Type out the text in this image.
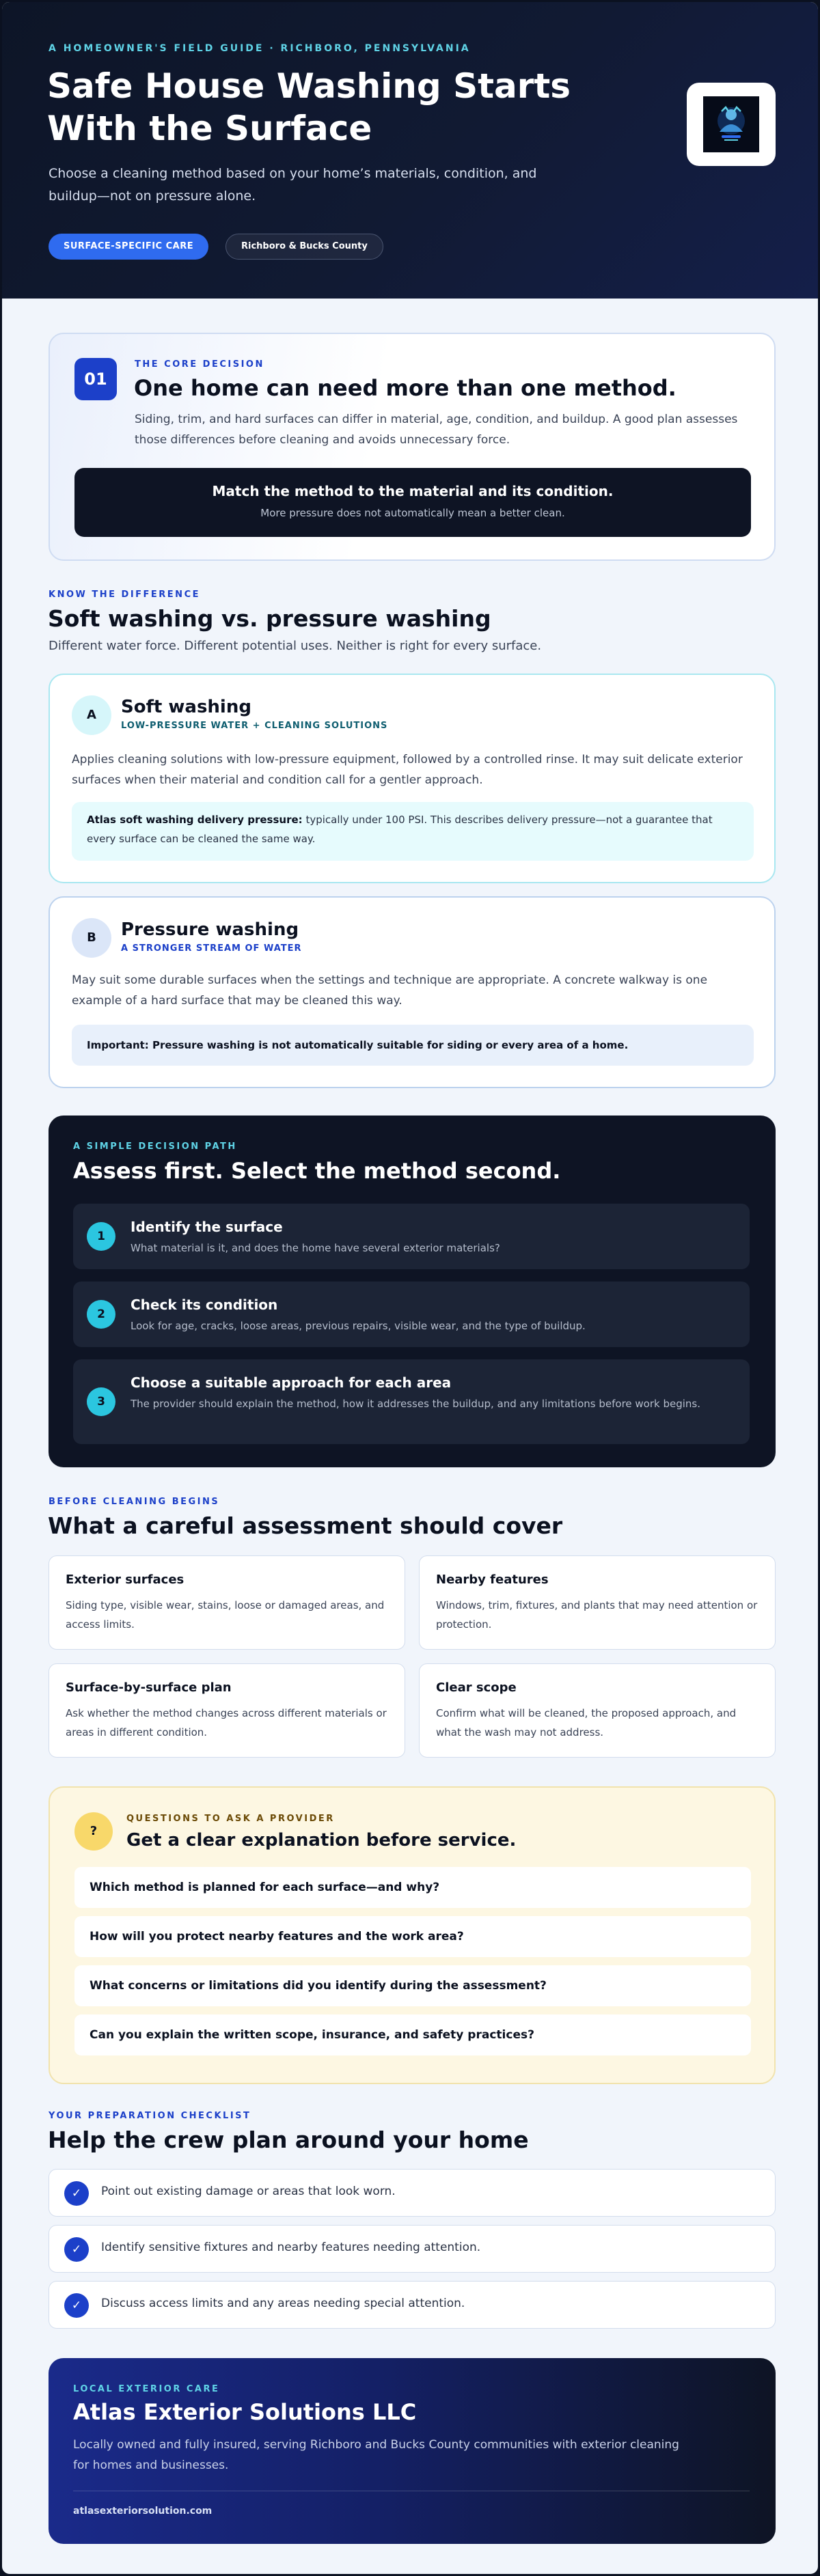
A HOMEOWNER'S FIELD GUIDE · RICHBORO, PENNSYLVANIA
Safe House Washing Starts With the Surface
Choose a cleaning method based on your home’s materials, condition, and buildup—not on pressure alone.
SURFACE-SPECIFIC CARE	Richboro & Bucks County
01
THE CORE DECISION
One home can need more than one method.

Siding, trim, and hard surfaces can differ in material, age, condition, and buildup. A good plan assesses those differences before cleaning and avoids unnecessary force.

Match the method to the material and its condition.
More pressure does not automatically mean a better clean.
KNOW THE DIFFERENCE
Soft washing vs. pressure washing
Different water force. Different potential uses. Neither is right for every surface.
A	Soft washing
LOW-PRESSURE WATER + CLEANING SOLUTIONS

Applies cleaning solutions with low-pressure equipment, followed by a controlled rinse. It may suit delicate exterior surfaces when their material and condition call for a gentler approach.

Atlas soft washing delivery pressure: typically under 100 PSI. This describes delivery pressure—not a guarantee that every surface can be cleaned the same way.
B	Pressure washing
A STRONGER STREAM OF WATER

May suit some durable surfaces when the settings and technique are appropriate. A concrete walkway is one example of a hard surface that may be cleaned this way.

Important: Pressure washing is not automatically suitable for siding or every area of a home.
A SIMPLE DECISION PATH
Assess first. Select the method second.
1
Identify the surface
What material is it, and does the home have several exterior materials?
2
Check its condition
Look for age, cracks, loose areas, previous repairs, visible wear, and the type of buildup.
3
Choose a suitable approach for each area
The provider should explain the method, how it addresses the buildup, and any limitations before work begins.
BEFORE CLEANING BEGINS
What a careful assessment should cover
Exterior surfaces
Siding type, visible wear, stains, loose or damaged areas, and access limits.
Nearby features
Windows, trim, fixtures, and plants that may need attention or protection.
Surface-by-surface plan
Ask whether the method changes across different materials or areas in different condition.
Clear scope
Confirm what will be cleaned, the proposed approach, and what the wash may not address.
?
QUESTIONS TO ASK A PROVIDER
Get a clear explanation before service.
Which method is planned for each surface—and why?
How will you protect nearby features and the work area?
What concerns or limitations did you identify during the assessment?
Can you explain the written scope, insurance, and safety practices?
YOUR PREPARATION CHECKLIST
Help the crew plan around your home
✓	Point out existing damage or areas that look worn.
✓	Identify sensitive fixtures and nearby features needing attention.
✓	Discuss access limits and any areas needing special attention.
LOCAL EXTERIOR CARE
Atlas Exterior Solutions LLC

Locally owned and fully insured, serving Richboro and Bucks County communities with exterior cleaning for homes and businesses.

atlasexteriorsolution.com
